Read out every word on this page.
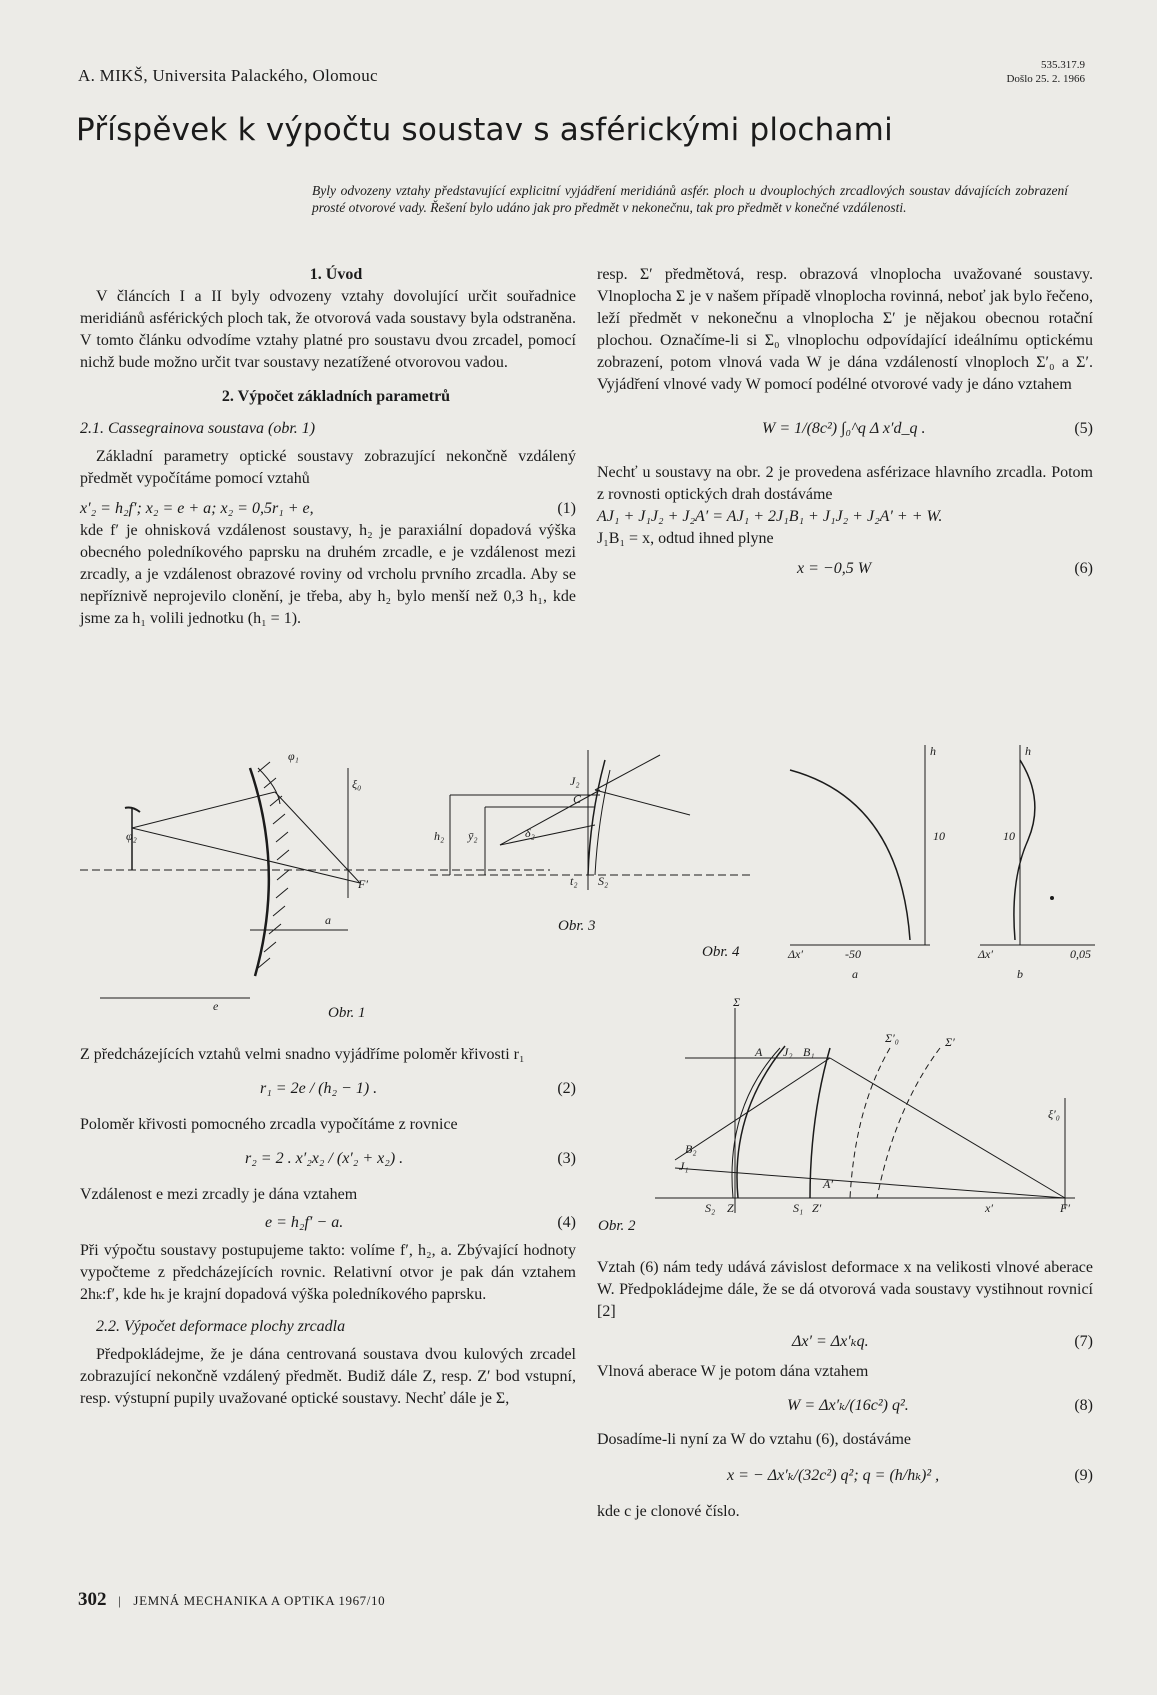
A. MIKŠ, Universita Palackého, Olomouc
535.317.9
Došlo 25. 2. 1966
Příspěvek k výpočtu soustav s asférickými plochami
Byly odvozeny vztahy představující explicitní vyjádření meridiánů asfér. ploch u dvouplochých zrcadlových soustav dávajících zobrazení prosté otvorové vady. Řešení bylo udáno jak pro předmět v nekonečnu, tak pro předmět v konečné vzdálenosti.

1. Úvod

V článcích I a II byly odvozeny vztahy dovolující určit souřadnice meridiánů asférických ploch tak, že otvorová vada soustavy byla odstraněna. V tomto článku odvodíme vztahy platné pro soustavu dvou zrcadel, pomocí nichž bude možno určit tvar soustavy nezatížené otvorovou vadou.

2. Výpočet základních parametrů

2.1. Cassegrainova soustava (obr. 1)

Základní parametry optické soustavy zobrazující nekončně vzdálený předmět vypočítáme pomocí vztahů

x′₂ = h₂f′; x₂ = e + a; x₂ = 0,5r₁ + e,	(1)

kde f′ je ohnisková vzdálenost soustavy, h₂ je paraxiální dopadová výška obecného poledníkového paprsku na druhém zrcadle, e je vzdálenost mezi zrcadly, a je vzdálenost obrazové roviny od vrcholu prvního zrcadla. Aby se nepříznivě neprojevilo clonění, je třeba, aby h₂ bylo menší než 0,3 h₁, kde jsme za h₁ volili jednotku (h₁ = 1).

φ₁
φ₂
ξ₀
F′
a
e	Obr. 1

Z předcházejících vztahů velmi snadno vyjádříme poloměr křivosti r₁

r₁ = 2e / (h₂ − 1) .	(2)

Poloměr křivosti pomocného zrcadla vypočítáme z rovnice

r₂ = 2 . x′₂x₂ / (x′₂ + x₂) .	(3)

Vzdálenost e mezi zrcadly je dána vztahem

e = h₂f′ − a.	(4)

Při výpočtu soustavy postupujeme takto: volíme f′, h₂, a. Zbývající hodnoty vypočteme z předcházejících rovnic. Relativní otvor je pak dán vztahem 2hₖ:f′, kde hₖ je krajní dopadová výška poledníkového paprsku.

2.2. Výpočet deformace plochy zrcadla

Předpokládejme, že je dána centrovaná soustava dvou kulových zrcadel zobrazující nekončně vzdálený předmět. Budiž dále Z, resp. Z′ bod vstupní, resp. výstupní pupily uvažované optické soustavy. Nechť dále je Σ,

resp. Σ′ předmětová, resp. obrazová vlnoplocha uvažované soustavy. Vlnoplocha Σ je v našem případě vlnoplocha rovinná, neboť jak bylo řečeno, leží předmět v nekonečnu a vlnoplocha Σ′ je nějakou obecnou rotační plochou. Označíme-li si Σ₀ vlnoplochu odpovídající ideálnímu optickému zobrazení, potom vlnová vada W je dána vzdáleností vlnoploch Σ′₀ a Σ′. Vyjádření vlnové vady W pomocí podélné otvorové vady je dáno vztahem

W = 1/(8c²) ∫₀^q Δ x′d_q .	(5)

Nechť u soustavy na obr. 2 je provedena asférizace hlavního zrcadla. Potom z rovnosti optických drah dostáváme

AJ₁ + J₁J₂ + J₂A′ = AJ₁ + 2J₁B₁ + J₁J₂ + J₂A′ + + W.

J₁B₁ = x, odtud ihned plyne

x = −0,5 W	(6)
J₂
C
h₂ ȳ₂	δ₂
t₂ S₂
Obr. 3
h
10
Δx′	-50
a
h
10
Δx′	0,05
b
Obr. 4
Σ
A J₂ B₁
Σ′₀	Σ′
ξ′₀
B₂
J₁
S₂ Z	S₁ Z′
A′
x′	F′
Obr. 2

Vztah (6) nám tedy udává závislost deformace x na velikosti vlnové aberace W. Předpokládejme dále, že se dá otvorová vada soustavy vystihnout rovnicí [2]

Δx′ = Δx′ₖq.	(7)

Vlnová aberace W je potom dána vztahem

W = Δx′ₖ/(16c²) q².	(8)

Dosadíme-li nyní za W do vztahu (6), dostáváme

x = − Δx′ₖ/(32c²) q²; q = (h/hₖ)² ,	(9)

kde c je clonové číslo.

302 | JEMNÁ MECHANIKA A OPTIKA 1967/10
